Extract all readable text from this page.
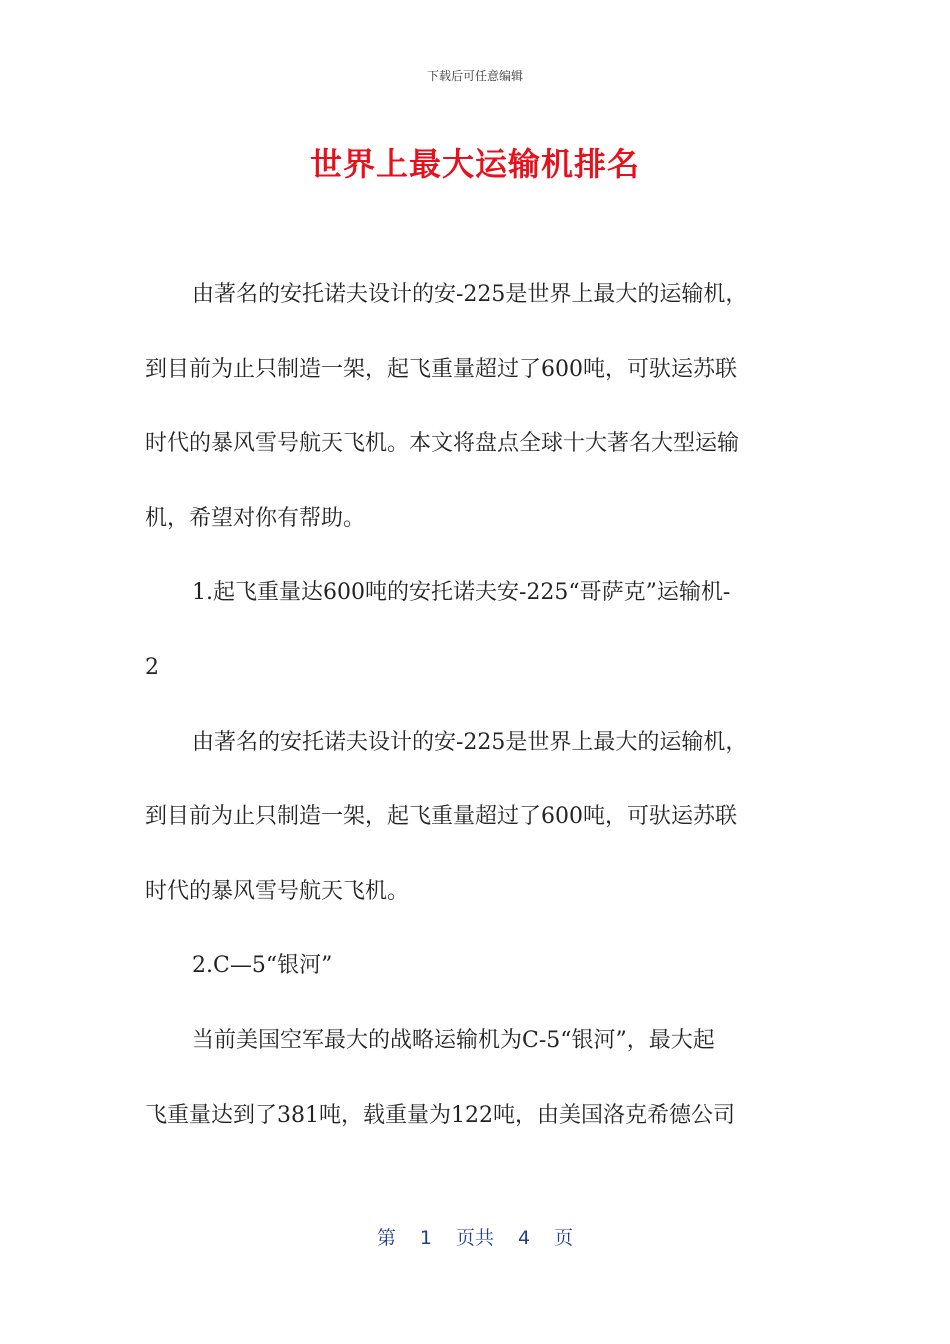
下载后可任意编辑
世界上最大运输机排名
由著名的安托诺夫设计的安-225是世界上最大的运输机，
到目前为止只制造一架，起飞重量超过了600吨，可驮运苏联
时代的暴风雪号航天飞机。本文将盘点全球十大著名大型运输
机，希望对你有帮助。
1.起飞重量达600吨的安托诺夫安-225“哥萨克”运输机-
2
由著名的安托诺夫设计的安-225是世界上最大的运输机，
到目前为止只制造一架，起飞重量超过了600吨，可驮运苏联
时代的暴风雪号航天飞机。
2.C—5“银河”
当前美国空军最大的战略运输机为C-5“银河”，最大起
飞重量达到了381吨，载重量为122吨，由美国洛克希德公司
第 1 页共 4 页
